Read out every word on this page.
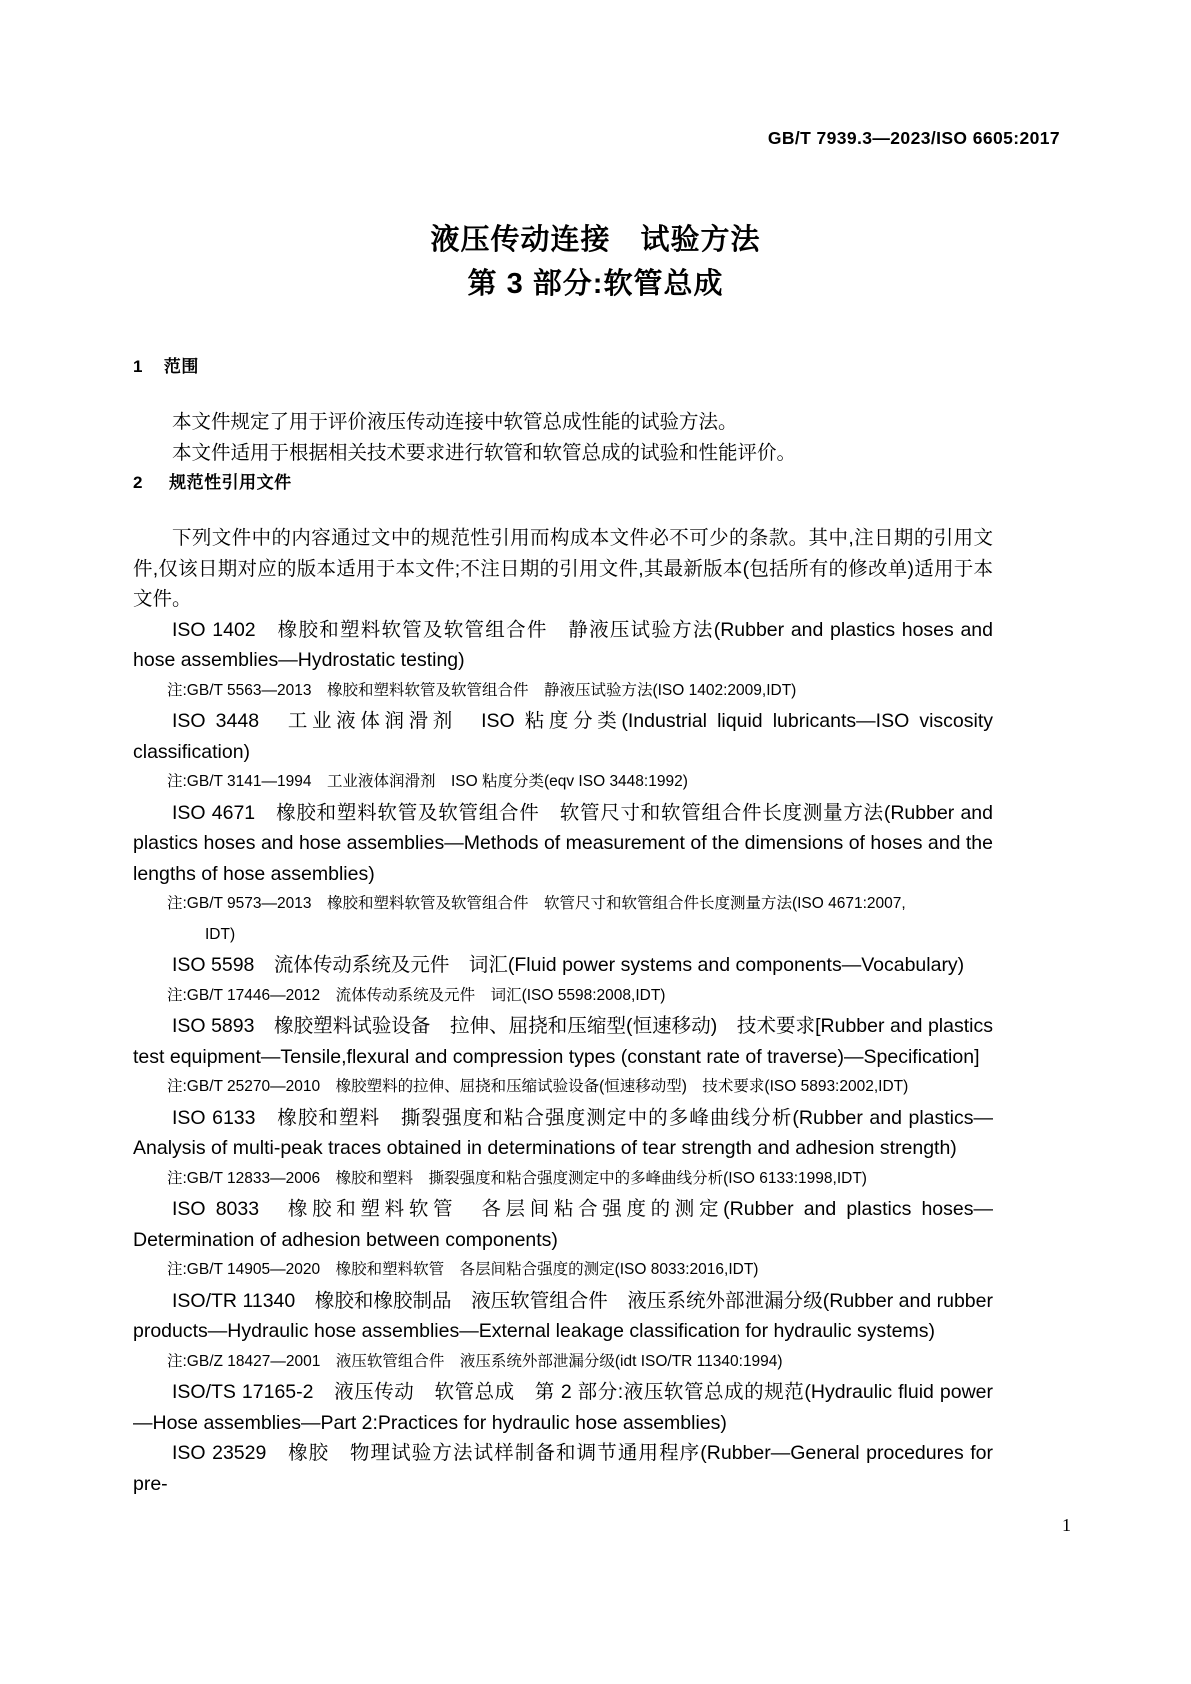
GB/T 7939.3—2023/ISO 6605:2017
液压传动连接　试验方法
第 3 部分:软管总成
1 范围

本文件规定了用于评价液压传动连接中软管总成性能的试验方法。

本文件适用于根据相关技术要求进行软管和软管总成的试验和性能评价。

2 规范性引用文件

下列文件中的内容通过文中的规范性引用而构成本文件必不可少的条款。其中,注日期的引用文件,仅该日期对应的版本适用于本文件;不注日期的引用文件,其最新版本(包括所有的修改单)适用于本文件。

ISO 1402　橡胶和塑料软管及软管组合件　静液压试验方法(Rubber and plastics hoses and hose assemblies—Hydrostatic testing)

注:GB/T 5563—2013　橡胶和塑料软管及软管组合件　静液压试验方法(ISO 1402:2009,IDT)

ISO 3448　工业液体润滑剂　ISO 粘度分类(Industrial liquid lubricants—ISO viscosity classification)

注:GB/T 3141—1994　工业液体润滑剂　ISO 粘度分类(eqv ISO 3448:1992)

ISO 4671　橡胶和塑料软管及软管组合件　软管尺寸和软管组合件长度测量方法(Rubber and plastics hoses and hose assemblies—Methods of measurement of the dimensions of hoses and the lengths of hose assemblies)

注:GB/T 9573—2013　橡胶和塑料软管及软管组合件　软管尺寸和软管组合件长度测量方法(ISO 4671:2007,

IDT)

ISO 5598　流体传动系统及元件　词汇(Fluid power systems and components—Vocabulary)

注:GB/T 17446—2012　流体传动系统及元件　词汇(ISO 5598:2008,IDT)

ISO 5893　橡胶塑料试验设备　拉伸、屈挠和压缩型(恒速移动)　技术要求[Rubber and plastics test equipment—Tensile,flexural and compression types (constant rate of traverse)—Specification]

注:GB/T 25270—2010　橡胶塑料的拉伸、屈挠和压缩试验设备(恒速移动型)　技术要求(ISO 5893:2002,IDT)

ISO 6133　橡胶和塑料　撕裂强度和粘合强度测定中的多峰曲线分析(Rubber and plastics—Analysis of multi-peak traces obtained in determinations of tear strength and adhesion strength)

注:GB/T 12833—2006　橡胶和塑料　撕裂强度和粘合强度测定中的多峰曲线分析(ISO 6133:1998,IDT)

ISO 8033　橡胶和塑料软管　各层间粘合强度的测定(Rubber and plastics hoses—Determination of adhesion between components)

注:GB/T 14905—2020　橡胶和塑料软管　各层间粘合强度的测定(ISO 8033:2016,IDT)

ISO/TR 11340　橡胶和橡胶制品　液压软管组合件　液压系统外部泄漏分级(Rubber and rubber products—Hydraulic hose assemblies—External leakage classification for hydraulic systems)

注:GB/Z 18427—2001　液压软管组合件　液压系统外部泄漏分级(idt ISO/TR 11340:1994)

ISO/TS 17165-2　液压传动　软管总成　第 2 部分:液压软管总成的规范(Hydraulic fluid power—Hose assemblies—Part 2:Practices for hydraulic hose assemblies)

ISO 23529　橡胶　物理试验方法试样制备和调节通用程序(Rubber—General procedures for pre-

1
